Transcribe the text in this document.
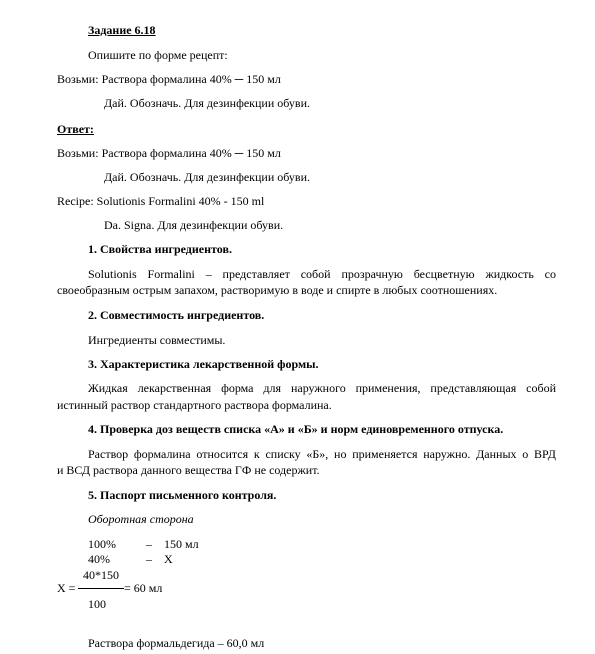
Задание 6.18
Опишите по форме рецепт:
Возьми: Раствора формалина 40% ─ 150 мл
Дай. Обозначь. Для дезинфекции обуви.
Ответ:
Возьми: Раствора формалина 40% ─ 150 мл
Дай. Обозначь. Для дезинфекции обуви.
Recipe: Solutionis Formalini 40% - 150 ml
Da. Signa. Для дезинфекции обуви.
1. Свойства ингредиентов.
Solutionis Formalini – представляет собой прозрачную бесцветную жидкость со
своеобразным острым запахом, растворимую в воде и спирте в любых соотношениях.
2. Совместимость ингредиентов.
Ингредиенты совместимы.
3. Характеристика лекарственной формы.
Жидкая лекарственная форма для наружного применения, представляющая собой
истинный раствор стандартного раствора формалина.
4. Проверка доз веществ списка «А» и «Б» и норм единовременного отпуска.
Раствор формалина относится к списку «Б», но применяется наружно. Данных о ВРД
и ВСД раствора данного вещества ГФ не содержит.
5. Паспорт письменного контроля.
Оборотная сторона
100%	– 150 мл
40%	– Х
40*150
Х =	= 60 мл
100
Раствора формальдегида – 60,0 мл
